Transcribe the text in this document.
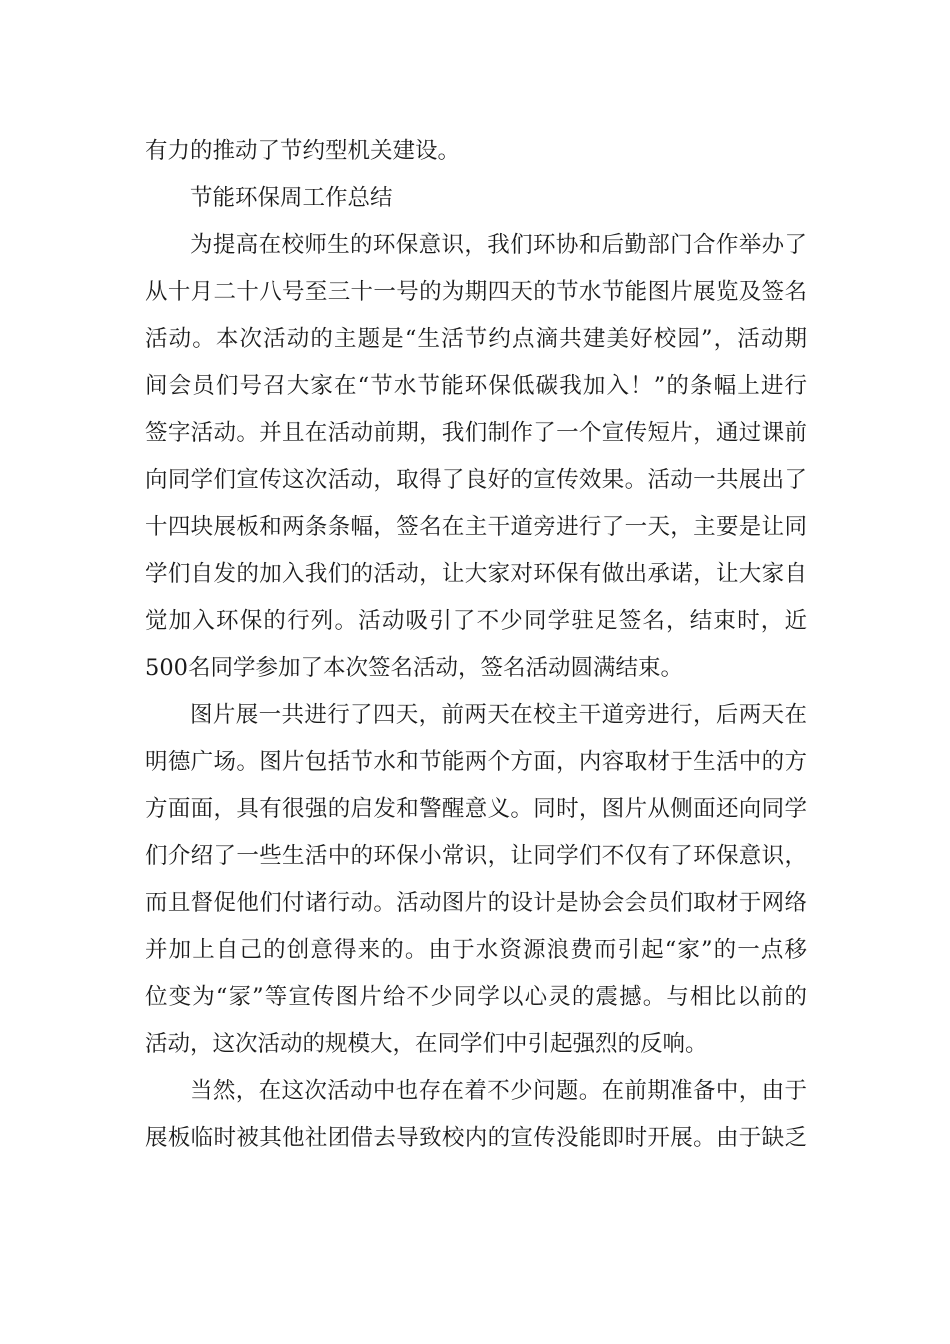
有力的推动了节约型机关建设。
节能环保周工作总结
为提高在校师生的环保意识，我们环协和后勤部门合作举办了
从十月二十八号至三十一号的为期四天的节水节能图片展览及签名
活动。本次活动的主题是“生活节约点滴共建美好校园”，活动期
间会员们号召大家在“节水节能环保低碳我加入！”的条幅上进行
签字活动。并且在活动前期，我们制作了一个宣传短片，通过课前
向同学们宣传这次活动，取得了良好的宣传效果。活动一共展出了
十四块展板和两条条幅，签名在主干道旁进行了一天，主要是让同
学们自发的加入我们的活动，让大家对环保有做出承诺，让大家自
觉加入环保的行列。活动吸引了不少同学驻足签名，结束时，近
500名同学参加了本次签名活动，签名活动圆满结束。
图片展一共进行了四天，前两天在校主干道旁进行，后两天在
明德广场。图片包括节水和节能两个方面，内容取材于生活中的方
方面面，具有很强的启发和警醒意义。同时，图片从侧面还向同学
们介绍了一些生活中的环保小常识，让同学们不仅有了环保意识，
而且督促他们付诸行动。活动图片的设计是协会会员们取材于网络
并加上自己的创意得来的。由于水资源浪费而引起“家”的一点移
位变为“冡”等宣传图片给不少同学以心灵的震撼。与相比以前的
活动，这次活动的规模大，在同学们中引起强烈的反响。
当然，在这次活动中也存在着不少问题。在前期准备中，由于
展板临时被其他社团借去导致校内的宣传没能即时开展。由于缺乏
